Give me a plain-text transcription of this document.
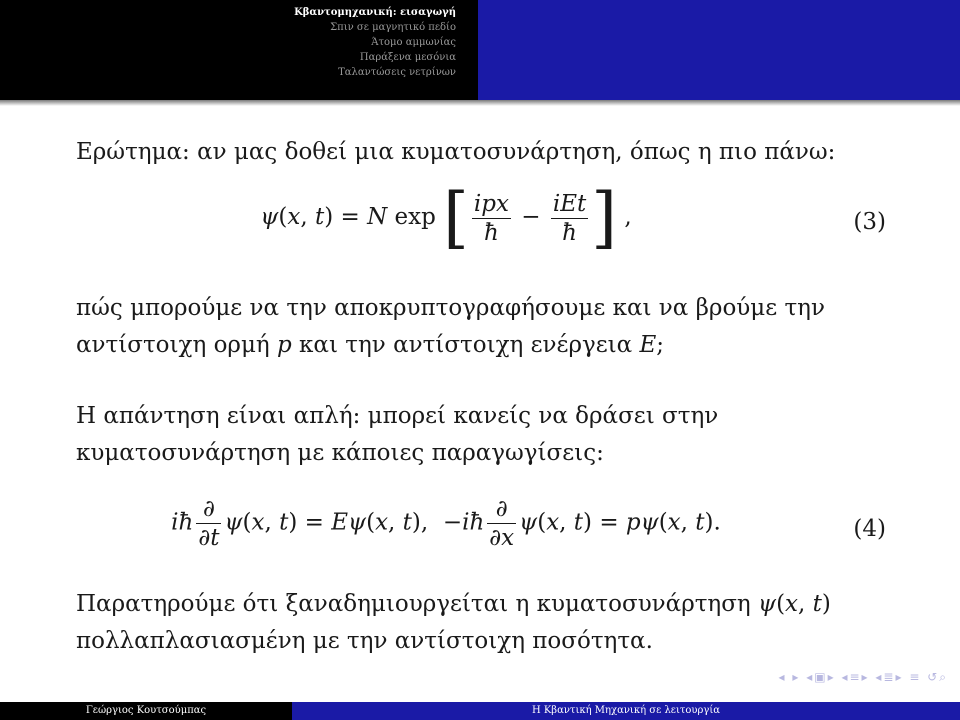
Κβαντομηχανική: εισαγωγή
Σπιν σε μαγνητικό πεδίο
Άτομο αμμωνίας
Παράξενα μεσόνια
Ταλαντώσεις νετρίνων
Ερώτημα: αν μας δοθεί μια κυματοσυνάρτηση, όπως η πιο πάνω:
ψ(x, t) = N exp [ $\frac{\text{ipx}}{ħ} - \frac{\text{iEt}}{ħ}$ ] ,	(3)
πώς μπορούμε να την αποκρυπτογραφήσουμε και να βρούμε την
αντίστοιχη ορμή p και την αντίστοιχη ενέργεια E;
Η απάντηση είναι απλή: μπορεί κανείς να δράσει στην
κυματοσυνάρτηση με κάποιες παραγωγίσεις:
iħ $\frac{\partial}{\partial t} \psi(x$, t) = Eψ(x, t),  −iħ $\frac{\partial}{\partial x} \psi(x$, t) = pψ(x, t).	(4)
Παρατηρούμε ότι ξαναδημιουργείται η κυματοσυνάρτηση ψ(x, t)
πολλαπλασιασμένη με την αντίστοιχη ποσότητα.
◂ ▸ ◂▣▸ ◂≡▸ ◂≣▸ ≡ ↺⌕
Γεώργιος Κουτσούμπας	Η Κβαντική Μηχανική σε λειτουργία
